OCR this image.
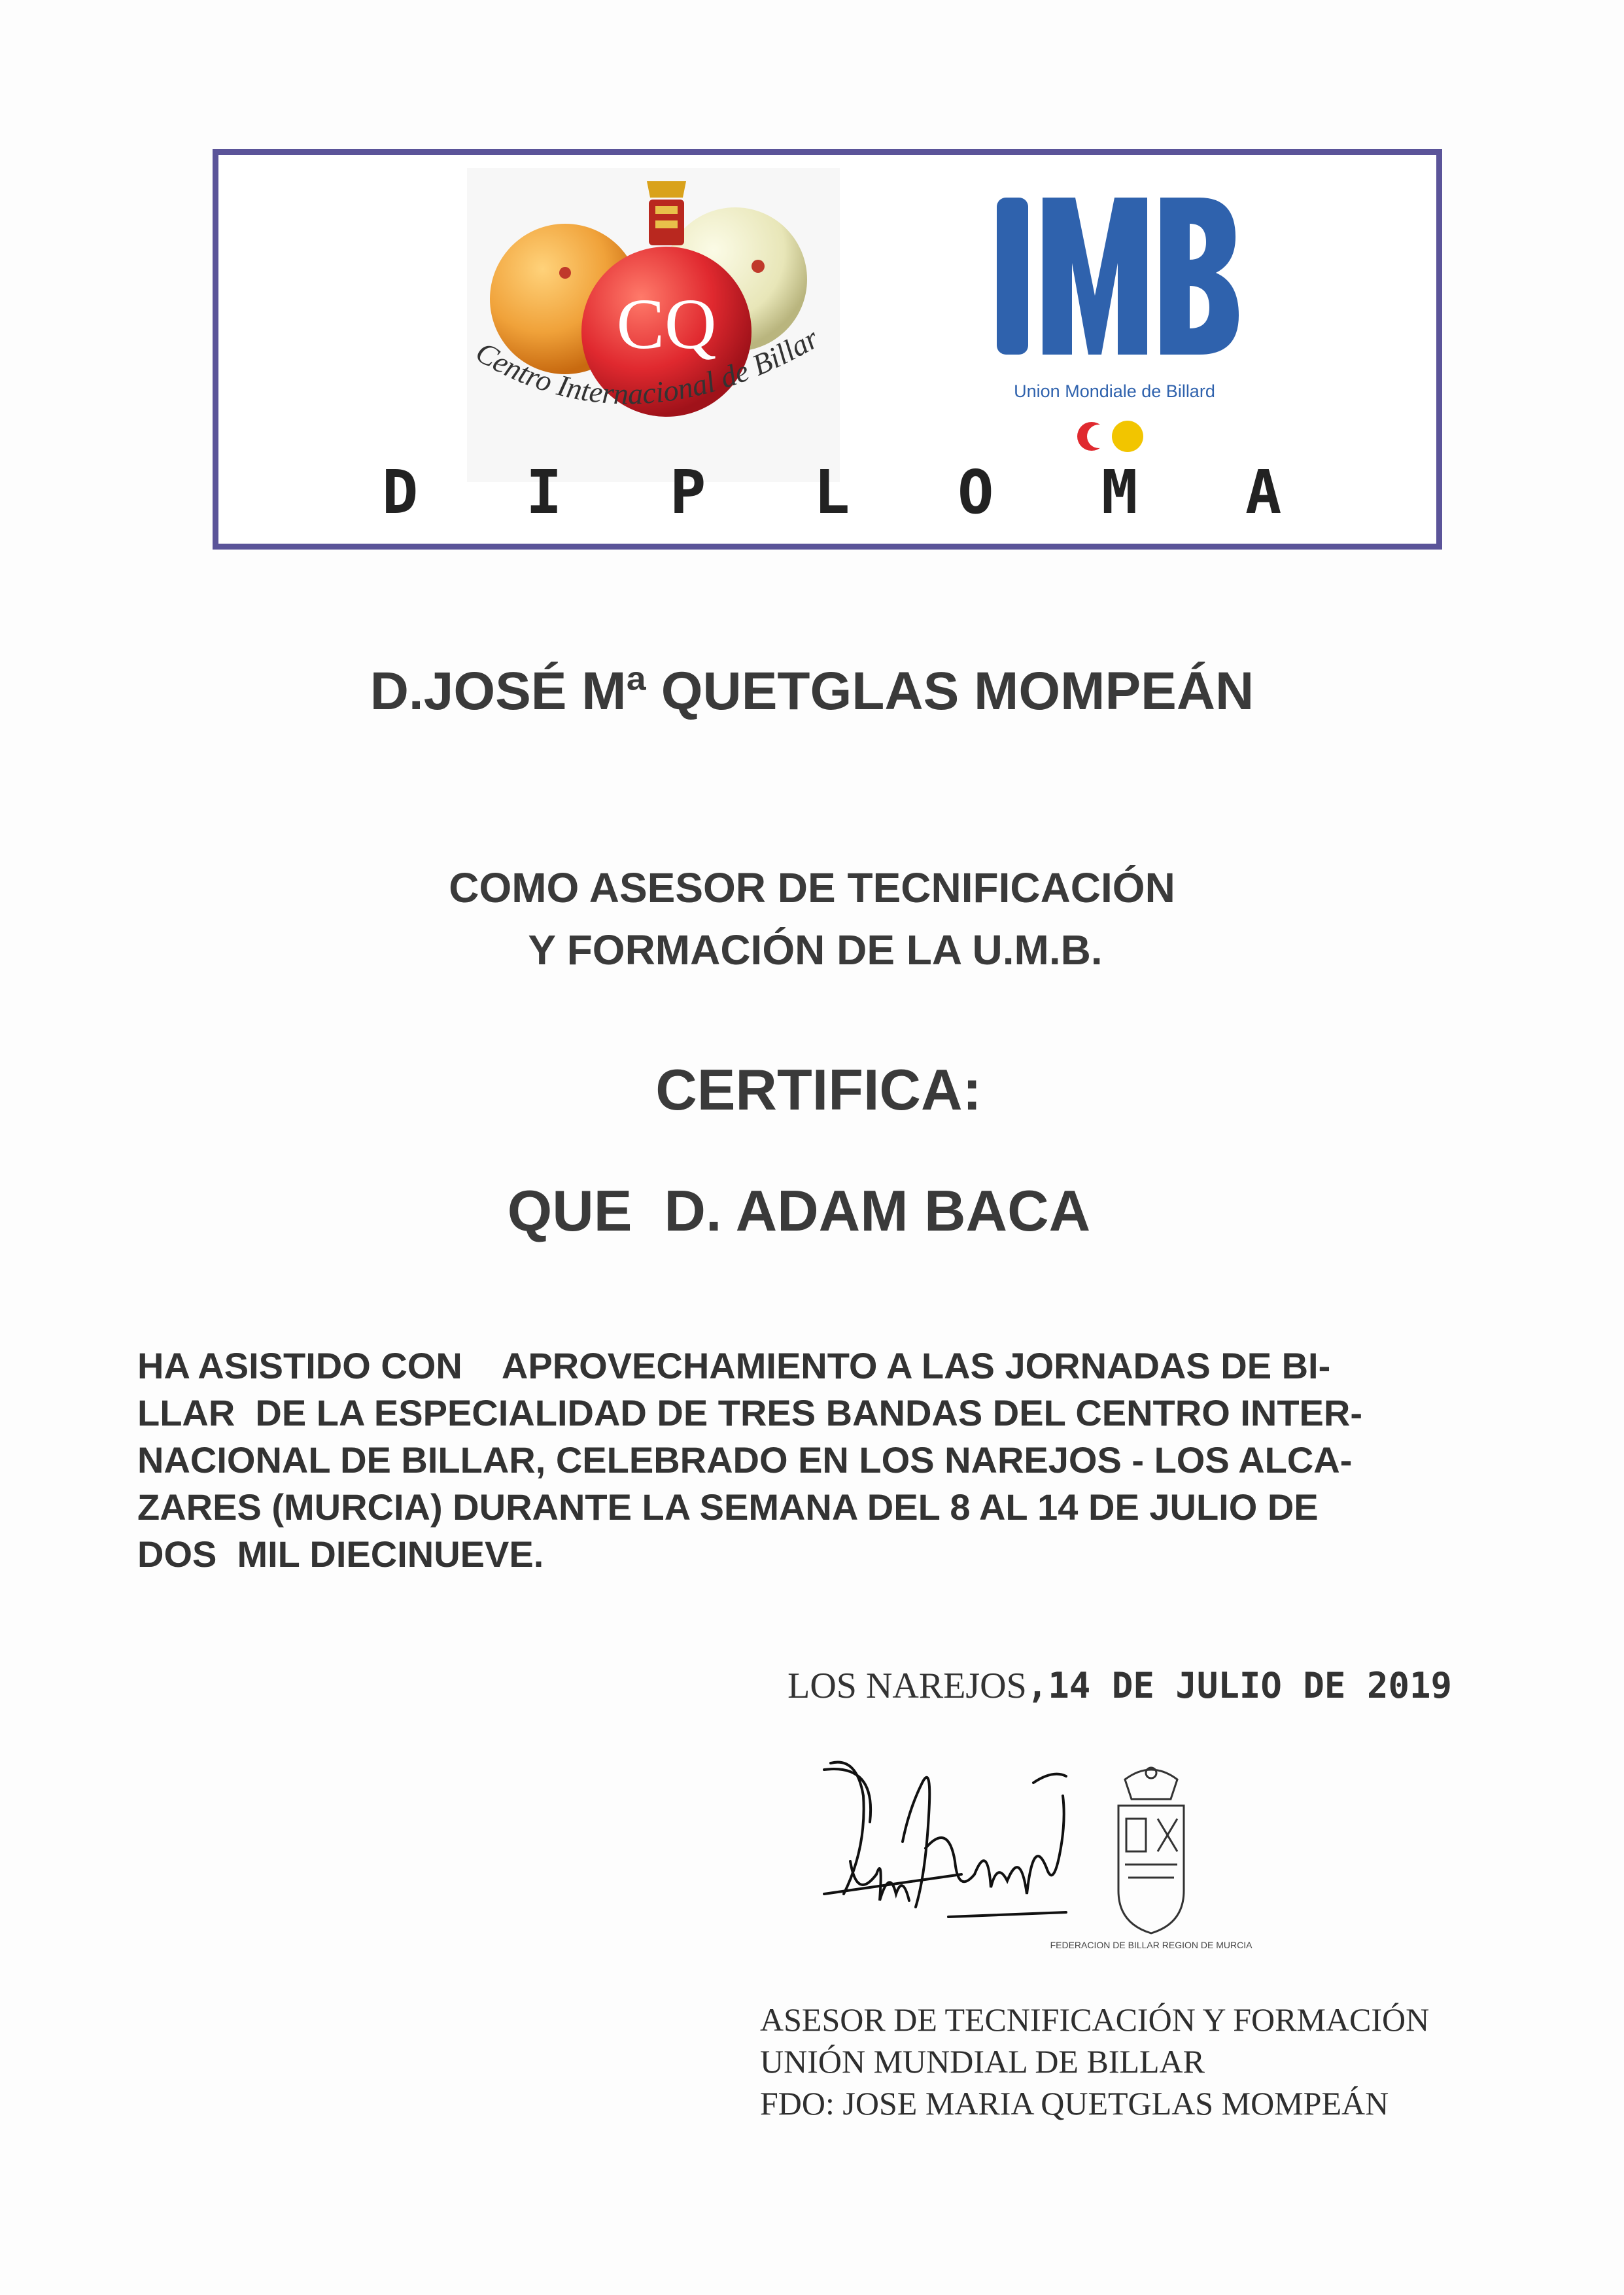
CQ
Centro Internacional de Billar
Union Mondiale de Billard
D I P L O M A
D.JOSÉ Mª QUETGLAS MOMPEÁN
COMO ASESOR DE TECNIFICACIÓN
Y FORMACIÓN DE LA U.M.B.
CERTIFICA:
QUE  D. ADAM BACA
HA ASISTIDO CON    APROVECHAMIENTO A LAS JORNADAS DE BI-
LLAR  DE LA ESPECIALIDAD DE TRES BANDAS DEL CENTRO INTER-
NACIONAL DE BILLAR, CELEBRADO EN LOS NAREJOS - LOS ALCA-
ZARES (MURCIA) DURANTE LA SEMANA DEL 8 AL 14 DE JULIO DE
DOS  MIL DIECINUEVE.
LOS NAREJOS,14 DE JULIO DE 2019
FEDERACION DE BILLAR REGION DE MURCIA
ASESOR DE TECNIFICACIÓN Y FORMACIÓN
UNIÓN MUNDIAL DE BILLAR
FDO: JOSE MARIA QUETGLAS MOMPEÁN
